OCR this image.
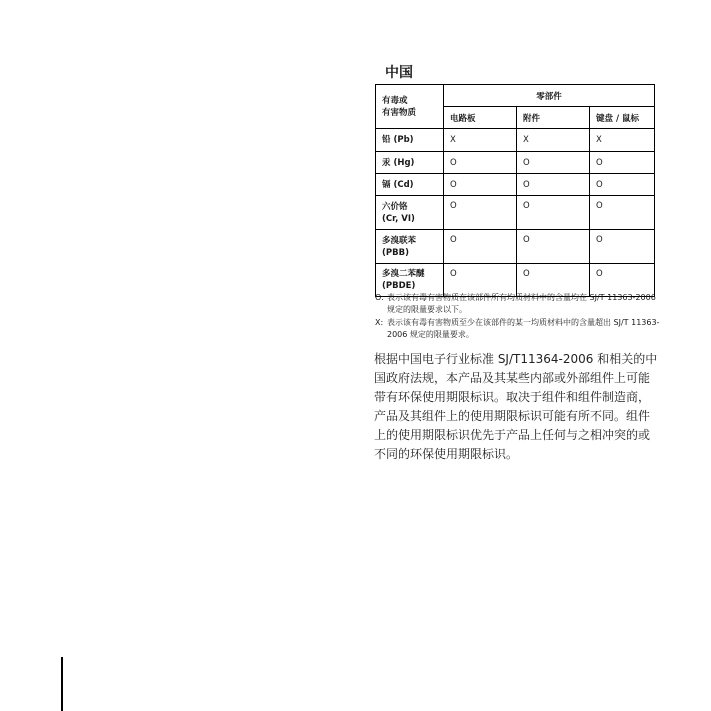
中国
有毒或
有害物质	零部件		
	电路板	附件	键盘 / 鼠标
铅 (Pb)	X	X	X
汞 (Hg)	O	O	O
镉 (Cd)	O	O	O

六价铬
(Cr, VI)	O	O	O

多溴联苯
(PBB)	O	O	O

多溴二苯醚
(PBDE)	O	O	O
O: 表示该有毒有害物质在该部件所有均质材料中的含量均在 SJ/T 11363-2006 规定的限量要求以下。
X: 表示该有毒有害物质至少在该部件的某一均质材料中的含量超出 SJ/T 11363-2006 规定的限量要求。
根据中国电子行业标准 SJ/T11364-2006 和相关的中国政府法规，本产品及其某些内部或外部组件上可能带有环保使用期限标识。取决于组件和组件制造商，产品及其组件上的使用期限标识可能有所不同。组件上的使用期限标识优先于产品上任何与之相冲突的或不同的环保使用期限标识。
